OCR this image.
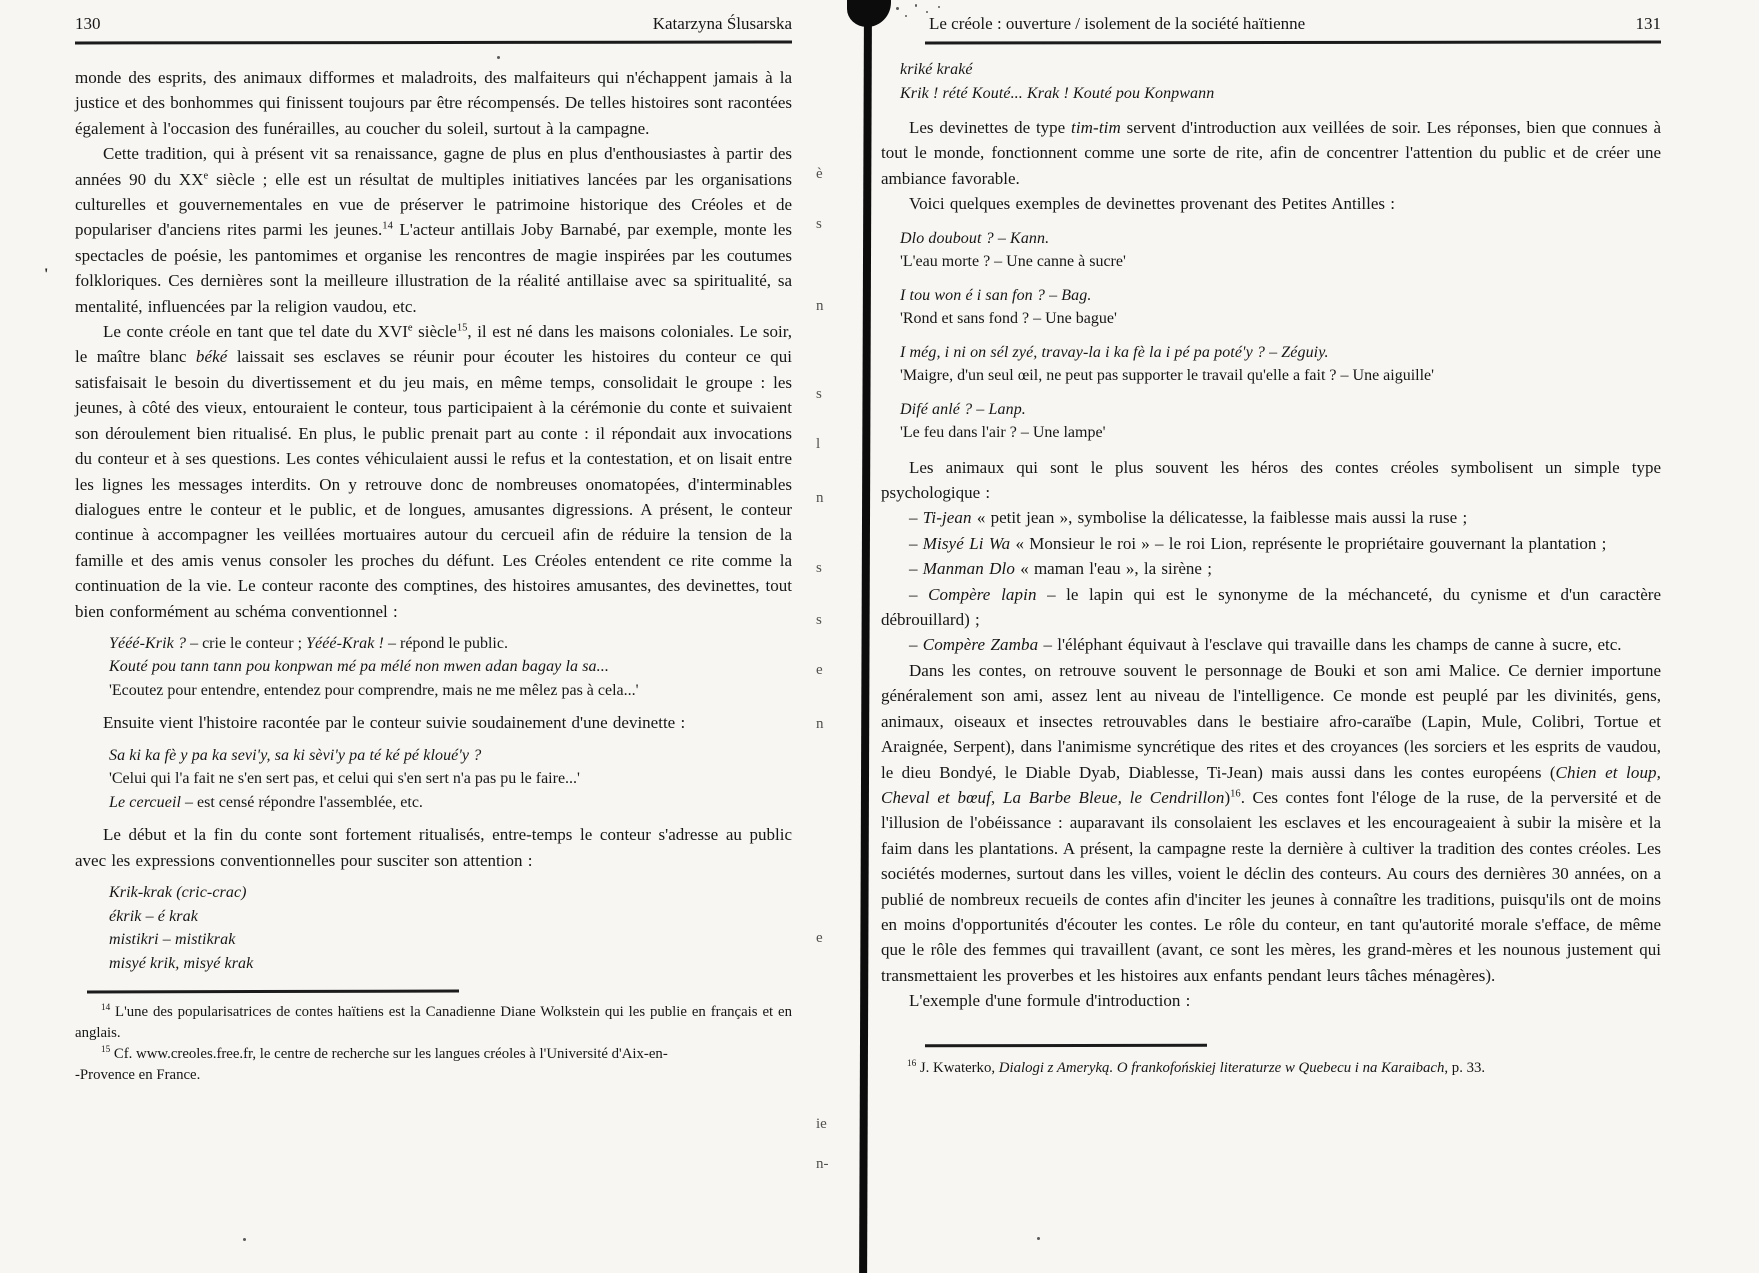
130	Katarzyna Ślusarska

monde des esprits, des animaux difformes et maladroits, des malfaiteurs qui n'échappent jamais à la justice et des bonhommes qui finissent toujours par être récompensés. De telles histoires sont racontées également à l'occasion des funérailles, au coucher du soleil, surtout à la campagne.

Cette tradition, qui à présent vit sa renaissance, gagne de plus en plus d'enthousiastes à partir des années 90 du XXe siècle ; elle est un résultat de multiples initiatives lancées par les organisations culturelles et gouvernementales en vue de préserver le patrimoine historique des Créoles et de populariser d'anciens rites parmi les jeunes.$^{14}$ L'acteur antillais Joby Barnabé, par exemple, monte les spectacles de poésie, les pantomimes et organise les rencontres de magie inspirées par les coutumes folkloriques. Ces dernières sont la meilleure illustration de la réalité antillaise avec sa spiritualité, sa mentalité, influencées par la religion vaudou, etc.

Le conte créole en tant que tel date du XVIe siècle$^{15}$, il est né dans les maisons coloniales. Le soir, le maître blanc béké laissait ses esclaves se réunir pour écouter les histoires du conteur ce qui satisfaisait le besoin du divertissement et du jeu mais, en même temps, consolidait le groupe : les jeunes, à côté des vieux, entouraient le conteur, tous participaient à la cérémonie du conte et suivaient son déroulement bien ritualisé. En plus, le public prenait part au conte : il répondait aux invocations du conteur et à ses questions. Les contes véhiculaient aussi le refus et la contestation, et on lisait entre les lignes les messages interdits. On y retrouve donc de nombreuses onomatopées, d'interminables dialogues entre le conteur et le public, et de longues, amusantes digressions. A présent, le conteur continue à accompagner les veillées mortuaires autour du cercueil afin de réduire la tension de la famille et des amis venus consoler les proches du défunt. Les Créoles entendent ce rite comme la continuation de la vie. Le conteur raconte des comptines, des histoires amusantes, des devinettes, tout bien conformément au schéma conventionnel :

Yééé-Krik ? – crie le conteur ; Yééé-Krak ! – répond le public.
Kouté pou tann tann pou konpwan mé pa mélé non mwen adan bagay la sa...
'Ecoutez pour entendre, entendez pour comprendre, mais ne me mêlez pas à cela...'

Ensuite vient l'histoire racontée par le conteur suivie soudainement d'une devinette :

Sa ki ka fè y pa ka sevi'y, sa ki sèvi'y pa té ké pé kloué'y ?
'Celui qui l'a fait ne s'en sert pas, et celui qui s'en sert n'a pas pu le faire...'
Le cercueil – est censé répondre l'assemblée, etc.

Le début et la fin du conte sont fortement ritualisés, entre-temps le conteur s'adresse au public avec les expressions conventionnelles pour susciter son attention :

Krik-krak (cric-crac)
ékrik – é krak
mistikri – mistikrak
misyé krik, misyé krak

$^{14}$ L'une des popularisatrices de contes haïtiens est la Canadienne Diane Wolkstein qui les publie en français et en anglais.

$^{15}$ Cf. www.creoles.free.fr, le centre de recherche sur les langues créoles à l'Université d'Aix-en-
-Provence en France.

Le créole : ouverture / isolement de la société haïtienne	131
kriké kraké
Krik ! rété Kouté... Krak ! Kouté pou Konpwann

Les devinettes de type tim-tim servent d'introduction aux veillées de soir. Les réponses, bien que connues à tout le monde, fonctionnent comme une sorte de rite, afin de concentrer l'attention du public et de créer une ambiance favorable.

Voici quelques exemples de devinettes provenant des Petites Antilles :

Dlo doubout ? – Kann.
'L'eau morte ? – Une canne à sucre'
I tou won é i san fon ? – Bag.
'Rond et sans fond ? – Une bague'
I még, i ni on sél zyé, travay-la i ka fè la i pé pa poté'y ? – Zéguiy.
'Maigre, d'un seul œil, ne peut pas supporter le travail qu'elle a fait ? – Une aiguille'
Difé anlé ? – Lanp.
'Le feu dans l'air ? – Une lampe'

Les animaux qui sont le plus souvent les héros des contes créoles symbolisent un simple type psychologique :

– Ti-jean « petit jean », symbolise la délicatesse, la faiblesse mais aussi la ruse ;

– Misyé Li Wa « Monsieur le roi » – le roi Lion, représente le propriétaire gouvernant la plantation ;

– Manman Dlo « maman l'eau », la sirène ;

– Compère lapin – le lapin qui est le synonyme de la méchanceté, du cynisme et d'un caractère débrouillard) ;

– Compère Zamba – l'éléphant équivaut à l'esclave qui travaille dans les champs de canne à sucre, etc.

Dans les contes, on retrouve souvent le personnage de Bouki et son ami Malice. Ce dernier importune généralement son ami, assez lent au niveau de l'intelligence. Ce monde est peuplé par les divinités, gens, animaux, oiseaux et insectes retrouvables dans le bestiaire afro-caraïbe (Lapin, Mule, Colibri, Tortue et Araignée, Serpent), dans l'animisme syncrétique des rites et des croyances (les sorciers et les esprits de vaudou, le dieu Bondyé, le Diable Dyab, Diablesse, Ti-Jean) mais aussi dans les contes européens (Chien et loup, Cheval et bœuf, La Barbe Bleue, le Cendrillon)$^{16}$. Ces contes font l'éloge de la ruse, de la perversité et de l'illusion de l'obéissance : auparavant ils consolaient les esclaves et les encourageaient à subir la misère et la faim dans les plantations. A présent, la campagne reste la dernière à cultiver la tradition des contes créoles. Les sociétés modernes, surtout dans les villes, voient le déclin des conteurs. Au cours des dernières 30 années, on a publié de nombreux recueils de contes afin d'inciter les jeunes à connaître les traditions, puisqu'ils ont de moins en moins d'opportunités d'écouter les contes. Le rôle du conteur, en tant qu'autorité morale s'efface, de même que le rôle des femmes qui travaillent (avant, ce sont les mères, les grand-mères et les nounous justement qui transmettaient les proverbes et les histoires aux enfants pendant leurs tâches ménagères).

L'exemple d'une formule d'introduction :

$^{16}$ J. Kwaterko, Dialogi z Ameryką. O frankofońskiej literaturze w Quebecu i na Karaibach, p. 33.

'
è
s
n
s
l
n
s
s
e
n
e
ie
n-
